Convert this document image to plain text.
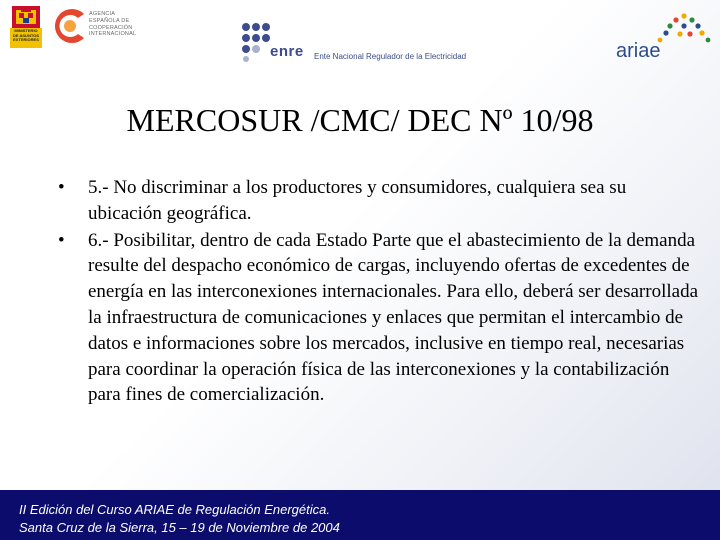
MINISTERIO
DE ASUNTOS
EXTERIORES
AGENCIA
ESPAÑOLA DE
COOPERACIÓN
INTERNACIONAL
enre Ente Nacional Regulador de la Electricidad	ariae
MERCOSUR /CMC/ DEC Nº 10/98
• 5.- No discriminar a los productores y consumidores, cualquiera sea su ubicación geográfica.
• 6.- Posibilitar, dentro de cada Estado Parte que el abastecimiento de la demanda resulte del despacho económico de cargas, incluyendo ofertas de excedentes de energía en las interconexiones internacionales. Para ello, deberá ser desarrollada la infraestructura de comunicaciones y enlaces que permitan el intercambio de datos e informaciones sobre los mercados, inclusive en tiempo real, necesarias para coordinar la operación física de las interconexiones y la contabilización para fines de comercialización.
II Edición del Curso ARIAE de Regulación Energética.
Santa Cruz de la Sierra, 15 – 19 de Noviembre de 2004
